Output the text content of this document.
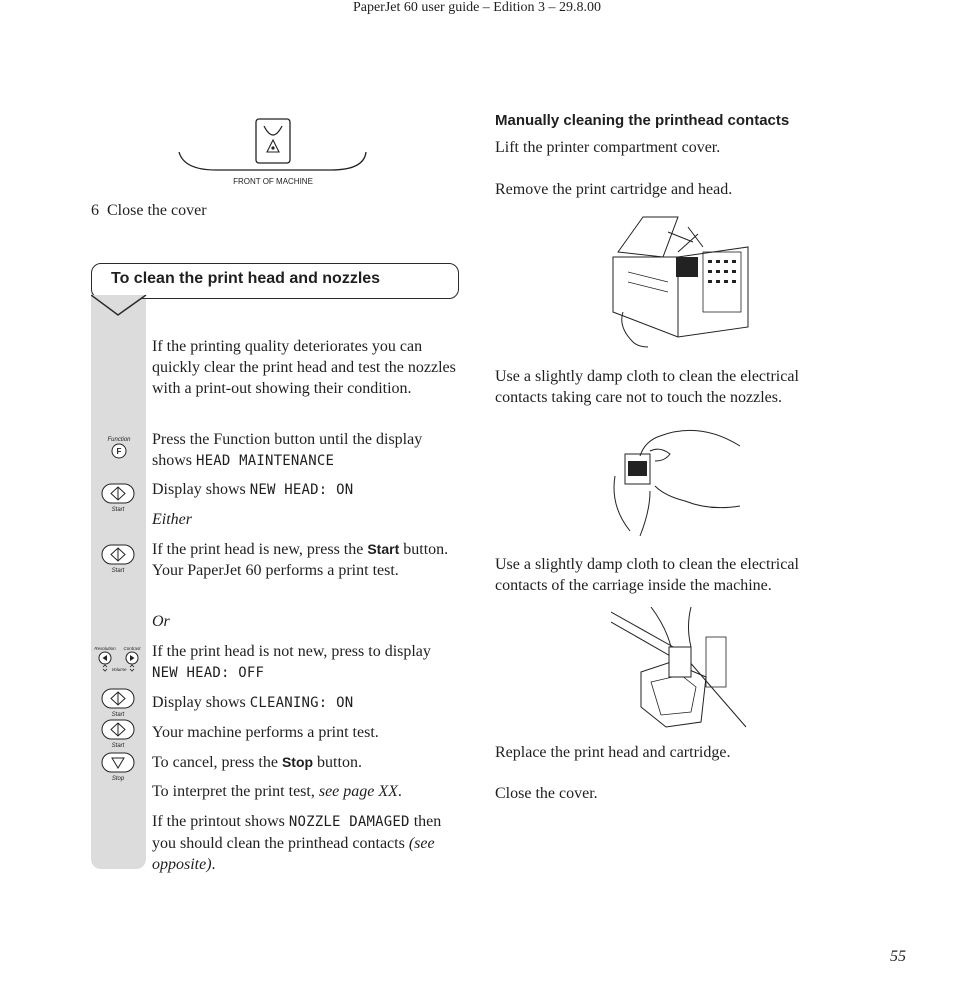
PaperJet 60 user guide – Edition 3 – 29.8.00
FRONT OF MACHINE
6 Close the cover
To clean the print head and nozzles
If the printing quality deteriorates you can quickly clear the print head and test the nozzles with a print-out showing their condition.
Press the Function button until the display shows HEAD MAINTENANCE
Display shows NEW HEAD: ON
Either
If the print head is new, press the Start button. Your PaperJet 60 performs a print test.
Or
If the print head is not new, press to display NEW HEAD: OFF
Display shows CLEANING: ON
Your machine performs a print test.
To cancel, press the Stop button.
To interpret the print test, see page XX.
If the printout shows NOZZLE DAMAGED then you should clean the printhead contacts (see opposite).
Function
F
Start
Start
Resolution Contrast
Volume
Start
Start
Stop
Manually cleaning the printhead contacts
Lift the printer compartment cover.
Remove the print cartridge and head.
Use a slightly damp cloth to clean the electrical contacts taking care not to touch the nozzles.
Use a slightly damp cloth to clean the electrical contacts of the carriage inside the machine.
Replace the print head and cartridge.
Close the cover.
55
